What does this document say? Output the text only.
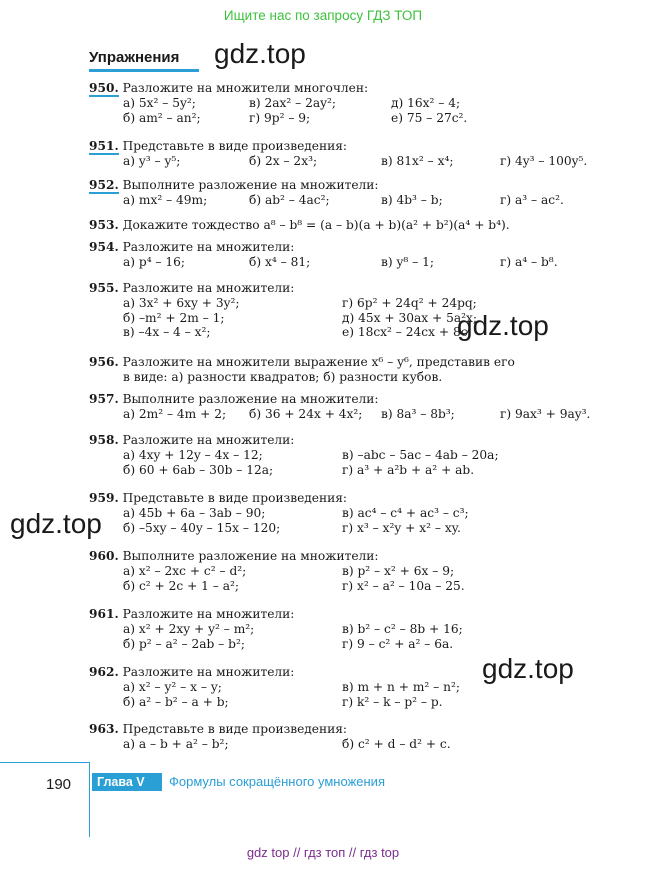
Ищите нас по запросу ГДЗ ТОП
Упражнения gdz.top
gdz.top
gdz.top
gdz.top
950. Разложите на множители многочлен:
а) 5x² – 5y²;	в) 2ax² – 2ay²;	д) 16x² – 4;
б) am² – an²;	г) 9p² – 9;	е) 75 – 27c².
951. Представьте в виде произведения:
а) y³ – y⁵;	б) 2x – 2x³;	в) 81x² – x⁴;	г) 4y³ – 100y⁵.
952. Выполните разложение на множители:
а) mx² – 49m;	б) ab² – 4ac²;	в) 4b³ – b;	г) a³ – ac².
953. Докажите тождество a⁸ – b⁸ = (a – b)(a + b)(a² + b²)(a⁴ + b⁴).
954. Разложите на множители:
а) p⁴ – 16;	б) x⁴ – 81;	в) y⁸ – 1;	г) a⁴ – b⁸.
955. Разложите на множители:
а) 3x² + 6xy + 3y²;	г) 6p² + 24q² + 24pq;
б) –m² + 2m – 1;	д) 45x + 30ax + 5a²x;
в) –4x – 4 – x²;	е) 18cx² – 24cx + 8c.
956. Разложите на множители выражение x⁶ – y⁶, представив его
в виде: а) разности квадратов; б) разности кубов.
957. Выполните разложение на множители:
а) 2m² – 4m + 2; б) 36 + 24x + 4x²; в) 8a³ – 8b³;	г) 9ax³ + 9ay³.
958. Разложите на множители:
а) 4xy + 12y – 4x – 12;	в) –abc – 5ac – 4ab – 20a;
б) 60 + 6ab – 30b – 12a;	г) a³ + a²b + a² + ab.
959. Представьте в виде произведения:
а) 45b + 6a – 3ab – 90;	в) ac⁴ – c⁴ + ac³ – c³;
б) –5xy – 40y – 15x – 120;	г) x³ – x²y + x² – xy.
960. Выполните разложение на множители:
а) x² – 2xc + c² – d²;	в) p² – x² + 6x – 9;
б) c² + 2c + 1 – a²;	г) x² – a² – 10a – 25.
961. Разложите на множители:
а) x² + 2xy + y² – m²;	в) b² – c² – 8b + 16;
б) p² – a² – 2ab – b²;	г) 9 – c² + a² – 6a.
962. Разложите на множители:
а) x² – y² – x – y;	в) m + n + m² – n²;
б) a² – b² – a + b;	г) k² – k – p² – p.
963. Представьте в виде произведения:
а) a – b + a² – b²;	б) c² + d – d² + c.
190	Глава V	Формулы сокращённого умножения
gdz top // гдз топ // гдз top
